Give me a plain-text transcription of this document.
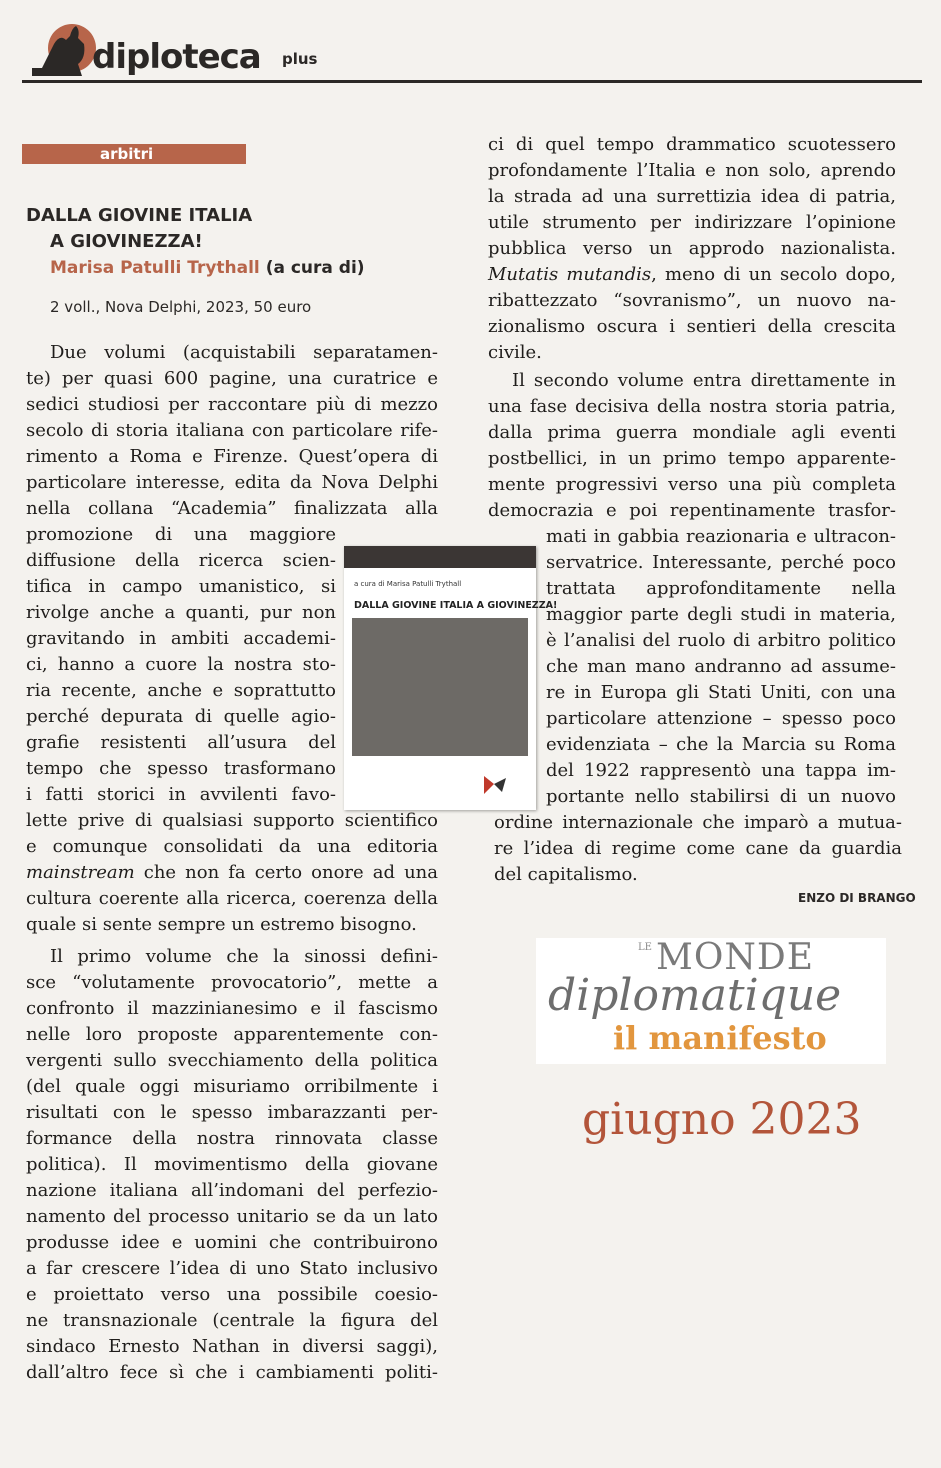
diploteca plus
arbitri
DALLA GIOVINE ITALIA
A GIOVINEZZA!
Marisa Patulli Trythall (a cura di)
2 voll., Nova Delphi, 2023, 50 euro
Due volumi (acquistabili separatamen-
te) per quasi 600 pagine, una curatrice e
sedici studiosi per raccontare più di mezzo
secolo di storia italiana con particolare rife-
rimento a Roma e Firenze. Quest’opera di
particolare interesse, edita da Nova Delphi
nella collana “Academia” finalizzata alla
promozione di una maggiore
diffusione della ricerca scien-
tifica in campo umanistico, si
rivolge anche a quanti, pur non
gravitando in ambiti accademi-
ci, hanno a cuore la nostra sto-
ria recente, anche e soprattutto
perché depurata di quelle agio-
grafie resistenti all’usura del
tempo che spesso trasformano
i fatti storici in avvilenti favo-
lette prive di qualsiasi supporto scientifico
e comunque consolidati da una editoria
mainstream che non fa certo onore ad una
cultura coerente alla ricerca, coerenza della
quale si sente sempre un estremo bisogno.
Il primo volume che la sinossi defini-
sce “volutamente provocatorio”, mette a
confronto il mazzinianesimo e il fascismo
nelle loro proposte apparentemente con-
vergenti sullo svecchiamento della politica
(del quale oggi misuriamo orribilmente i
risultati con le spesso imbarazzanti per-
formance della nostra rinnovata classe
politica). Il movimentismo della giovane
nazione italiana all’indomani del perfezio-
namento del processo unitario se da un lato
produsse idee e uomini che contribuirono
a far crescere l’idea di uno Stato inclusivo
e proiettato verso una possibile coesio-
ne transnazionale (centrale la figura del
sindaco Ernesto Nathan in diversi saggi),
dall’altro fece sì che i cambiamenti politi-
a cura di Marisa Patulli Trythall
DALLA GIOVINE ITALIA A GIOVINEZZA!
ci di quel tempo drammatico scuotessero
profondamente l’Italia e non solo, aprendo
la strada ad una surrettizia idea di patria,
utile strumento per indirizzare l’opinione
pubblica verso un approdo nazionalista.
Mutatis mutandis, meno di un secolo dopo,
ribattezzato “sovranismo”, un nuovo na-
zionalismo oscura i sentieri della crescita
civile.
Il secondo volume entra direttamente in
una fase decisiva della nostra storia patria,
dalla prima guerra mondiale agli eventi
postbellici, in un primo tempo apparente-
mente progressivi verso una più completa
democrazia e poi repentinamente trasfor-
mati in gabbia reazionaria e ultracon-
servatrice. Interessante, perché poco
trattata approfonditamente nella
maggior parte degli studi in materia,
è l’analisi del ruolo di arbitro politico
che man mano andranno ad assume-
re in Europa gli Stati Uniti, con una
particolare attenzione – spesso poco
evidenziata – che la Marcia su Roma
del 1922 rappresentò una tappa im-
portante nello stabilirsi di un nuovo
ordine internazionale che imparò a mutua-
re l’idea di regime come cane da guardia
del capitalismo.
ENZO DI BRANGO
LE MONDE
diplomatique
il manifesto
giugno 2023
